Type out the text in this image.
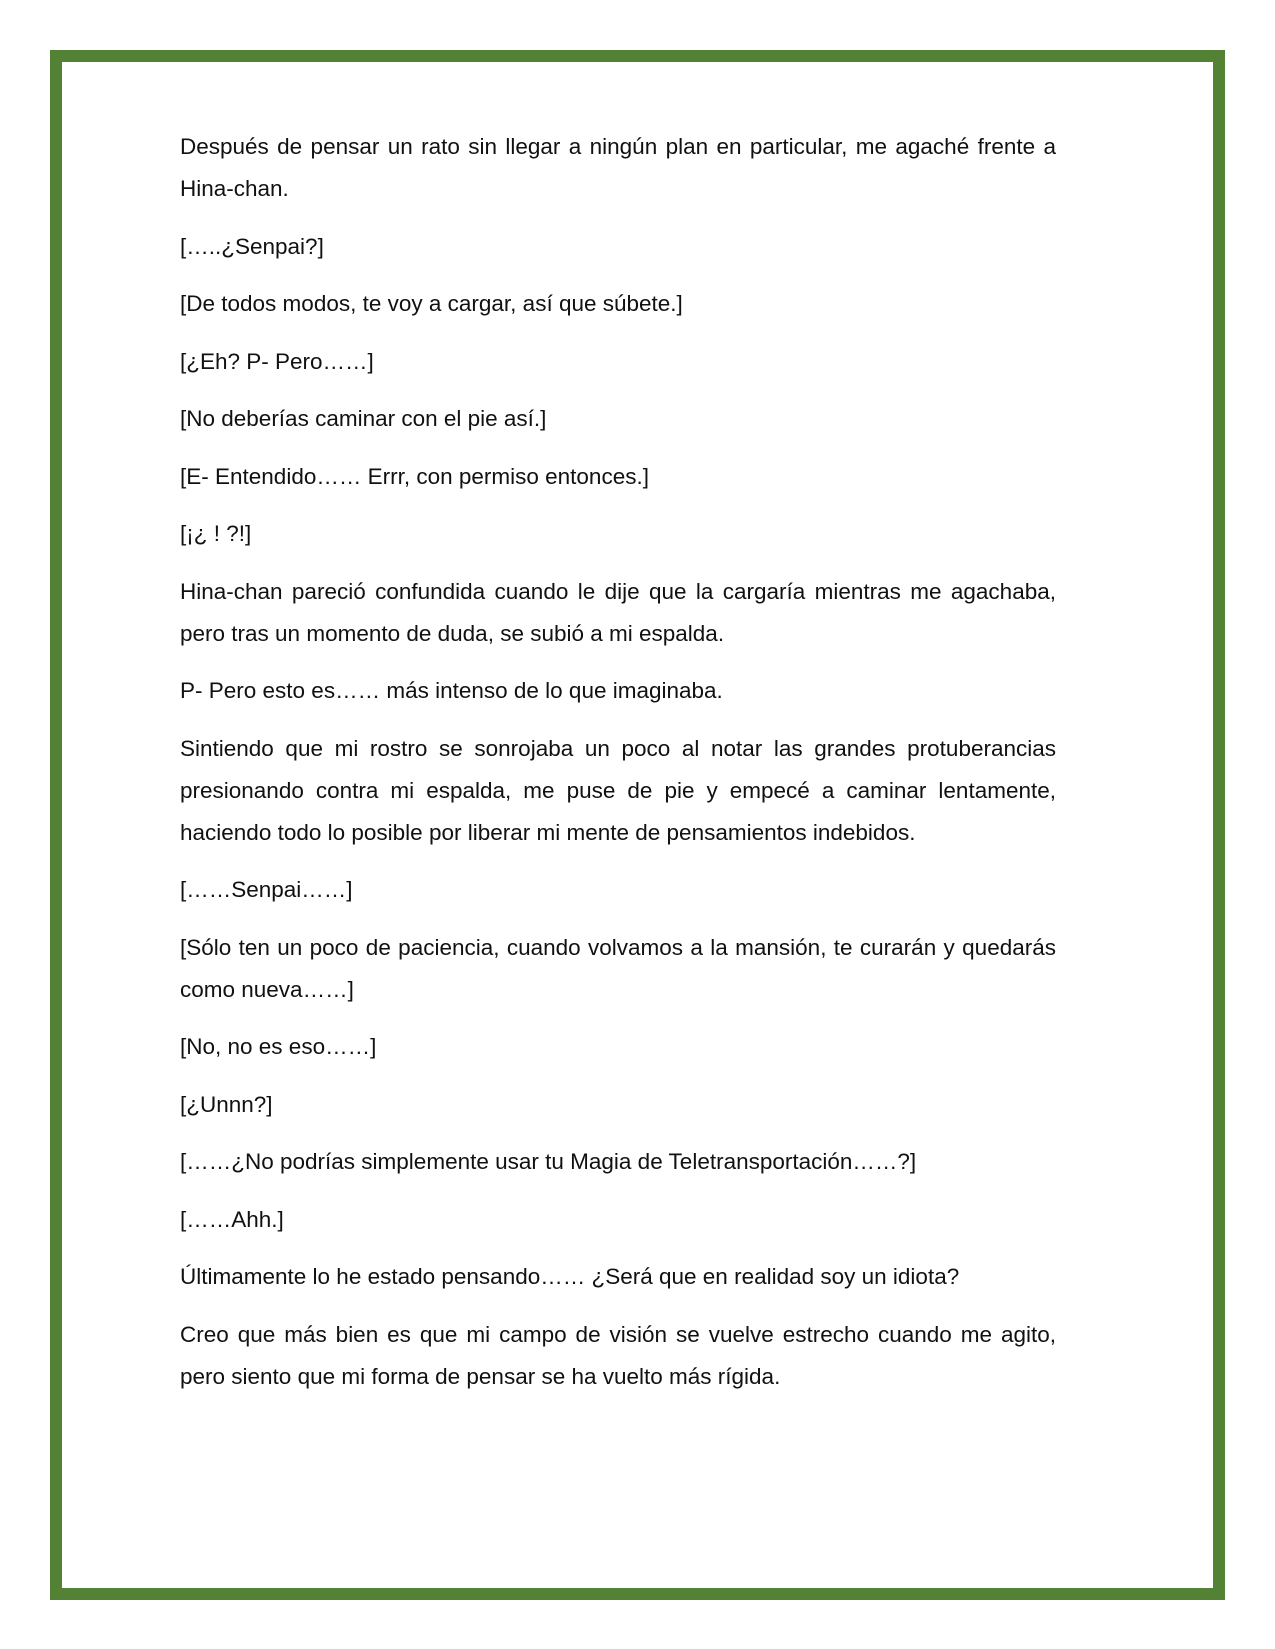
Después de pensar un rato sin llegar a ningún plan en particular, me agaché frente a Hina-chan.

[…..¿Senpai?]

[De todos modos, te voy a cargar, así que súbete.]

[¿Eh? P- Pero……]

[No deberías caminar con el pie así.]

[E- Entendido…… Errr, con permiso entonces.]

[¡¿ ! ?!]

Hina-chan pareció confundida cuando le dije que la cargaría mientras me agachaba, pero tras un momento de duda, se subió a mi espalda.

P- Pero esto es…… más intenso de lo que imaginaba.

Sintiendo que mi rostro se sonrojaba un poco al notar las grandes protuberancias presionando contra mi espalda, me puse de pie y empecé a caminar lentamente, haciendo todo lo posible por liberar mi mente de pensamientos indebidos.

[……Senpai……]

[Sólo ten un poco de paciencia, cuando volvamos a la mansión, te curarán y quedarás como nueva……]

[No, no es eso……]

[¿Unnn?]

[……¿No podrías simplemente usar tu Magia de Teletransportación……?]

[……Ahh.]

Últimamente lo he estado pensando…… ¿Será que en realidad soy un idiota?

Creo que más bien es que mi campo de visión se vuelve estrecho cuando me agito, pero siento que mi forma de pensar se ha vuelto más rígida.
